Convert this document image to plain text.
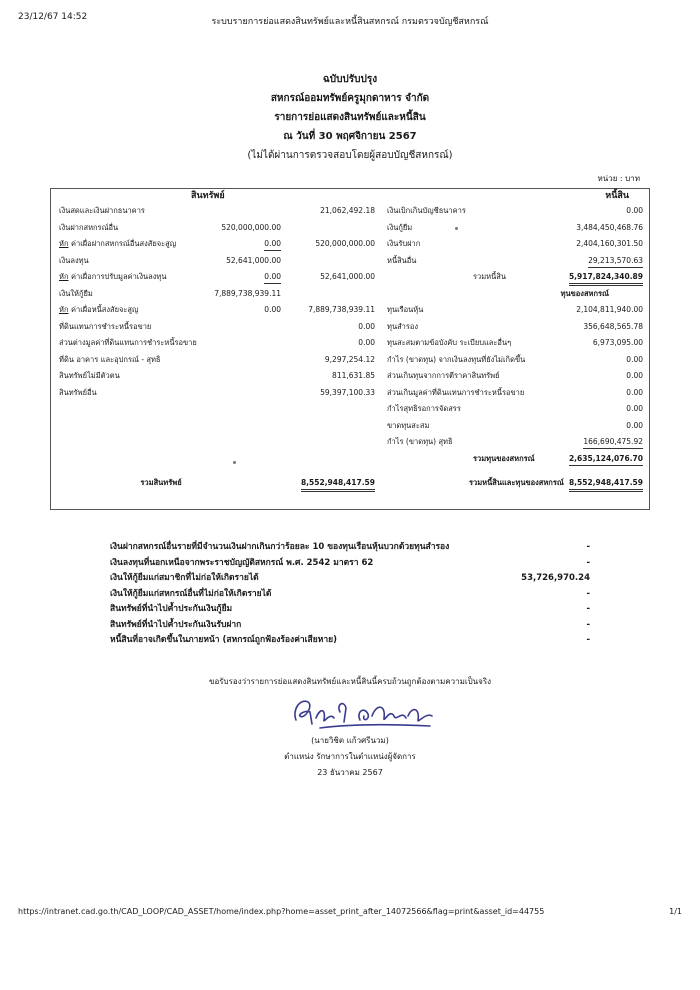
23/12/67 14:52	ระบบรายการย่อแสดงสินทรัพย์และหนี้สินสหกรณ์ กรมตรวจบัญชีสหกรณ์
ฉบับปรับปรุง
สหกรณ์ออมทรัพย์ครูมุกดาหาร จำกัด
รายการย่อแสดงสินทรัพย์และหนี้สิน
ณ วันที่ 30 พฤศจิกายน 2567
(ไม่ได้ผ่านการตรวจสอบโดยผู้สอบบัญชีสหกรณ์)
หน่วย : บาท
สินทรัพย์
เงินสดและเงินฝากธนาคาร	21,062,492.18
เงินฝากสหกรณ์อื่น	520,000,000.00
หัก ค่าเผื่อฝากสหกรณ์อื่นสงสัยจะสูญ	0.00	520,000,000.00
เงินลงทุน	52,641,000.00
หัก ค่าเผื่อการปรับมูลค่าเงินลงทุน	0.00	52,641,000.00
เงินให้กู้ยืม	7,889,738,939.11
หัก ค่าเผื่อหนี้สงสัยจะสูญ	0.00	7,889,738,939.11
ที่ดินแทนการชำระหนี้รอขาย	0.00
ส่วนต่างมูลค่าที่ดินแทนการชำระหนี้รอขาย	0.00
ที่ดิน อาคาร และอุปกรณ์ - สุทธิ	9,297,254.12
สินทรัพย์ไม่มีตัวตน	811,631.85
สินทรัพย์อื่น	59,397,100.33
รวมสินทรัพย์	8,552,948,417.59
หนี้สิน
เงินเบิกเกินบัญชีธนาคาร	0.00
เงินกู้ยืม	3,484,450,468.76
เงินรับฝาก	2,404,160,301.50
หนี้สินอื่น	29,213,570.63
รวมหนี้สิน	5,917,824,340.89
ทุนของสหกรณ์
ทุนเรือนหุ้น	2,104,811,940.00
ทุนสำรอง	356,648,565.78
ทุนสะสมตามข้อบังคับ ระเบียบและอื่นๆ	6,973,095.00
กำไร (ขาดทุน) จากเงินลงทุนที่ยังไม่เกิดขึ้น	0.00
ส่วนเกินทุนจากการตีราคาสินทรัพย์	0.00
ส่วนเกินมูลค่าที่ดินแทนการชำระหนี้รอขาย	0.00
กำไรสุทธิรอการจัดสรร	0.00
ขาดทุนสะสม	0.00
กำไร (ขาดทุน) สุทธิ	166,690,475.92
รวมทุนของสหกรณ์	2,635,124,076.70
รวมหนี้สินและทุนของสหกรณ์ 8,552,948,417.59
เงินฝากสหกรณ์อื่นรายที่มีจำนวนเงินฝากเกินกว่าร้อยละ 10 ของทุนเรือนหุ้นบวกด้วยทุนสำรอง	-
เงินลงทุนที่นอกเหนือจากพระราชบัญญัติสหกรณ์ พ.ศ. 2542 มาตรา 62	-
เงินให้กู้ยืมแก่สมาชิกที่ไม่ก่อให้เกิดรายได้	53,726,970.24
เงินให้กู้ยืมแก่สหกรณ์อื่นที่ไม่ก่อให้เกิดรายได้	-
สินทรัพย์ที่นำไปค้ำประกันเงินกู้ยืม	-
สินทรัพย์ที่นำไปค้ำประกันเงินรับฝาก	-
หนี้สินที่อาจเกิดขึ้นในภายหน้า (สหกรณ์ถูกฟ้องร้องค่าเสียหาย)	-
ขอรับรองว่ารายการย่อแสดงสินทรัพย์และหนี้สินนี้ครบถ้วนถูกต้องตามความเป็นจริง
(นายวิชิต แก้วศรีนวม)
ตำแหน่ง รักษาการในตำแหน่งผู้จัดการ
23 ธันวาคม 2567
https://intranet.cad.go.th/CAD_LOOP/CAD_ASSET/home/index.php?home=asset_print_after_14072566&flag=print&asset_id=44755	1/1
